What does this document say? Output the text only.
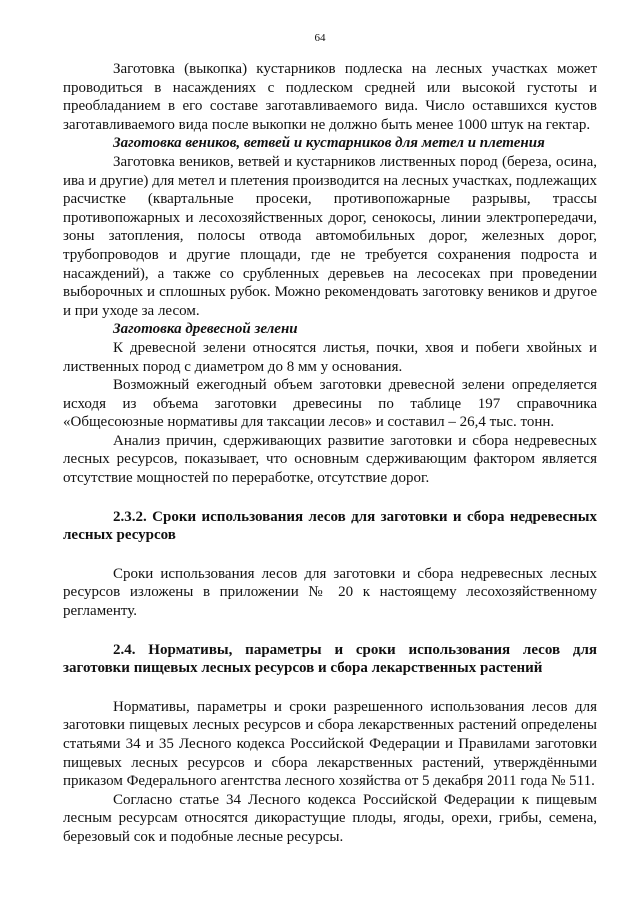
64

Заготовка (выкопка) кустарников подлеска на лесных участках может проводиться в насаждениях с подлеском средней или высокой густоты и преобладанием в его составе заготавливаемого вида. Число оставшихся кустов заготавливаемого вида после выкопки не должно быть менее 1000 штук на гектар.

Заготовка веников, ветвей и кустарников для метел и плетения

Заготовка веников, ветвей и кустарников лиственных пород (береза, осина, ива и другие) для метел и плетения производится на лесных участках, подлежащих расчистке (квартальные просеки, противопожарные разрывы, трассы противопожарных и лесохозяйственных дорог, сенокосы, линии электропередачи, зоны затопления, полосы отвода автомобильных дорог, железных дорог, трубопроводов и другие площади, где не требуется сохранения подроста и насаждений), а также со срубленных деревьев на лесосеках при проведении выборочных и сплошных рубок. Можно рекомендовать заготовку веников и другое и при уходе за лесом.

Заготовка древесной зелени

К древесной зелени относятся листья, почки, хвоя и побеги хвойных и лиственных пород с диаметром до 8 мм у основания.

Возможный ежегодный объем заготовки древесной зелени определяется исходя из объема заготовки древесины по таблице 197 справочника «Общесоюзные нормативы для таксации лесов» и составил – 26,4 тыс. тонн.

Анализ причин, сдерживающих развитие заготовки и сбора недревесных лесных ресурсов, показывает, что основным сдерживающим фактором является отсутствие мощностей по переработке, отсутствие дорог.

2.3.2. Сроки использования лесов для заготовки и сбора недревесных лесных ресурсов

Сроки использования лесов для заготовки и сбора недревесных лесных ресурсов изложены в приложении № 20 к настоящему лесохозяйственному регламенту.

2.4. Нормативы, параметры и сроки использования лесов для заготовки пищевых лесных ресурсов и сбора лекарственных растений

Нормативы, параметры и сроки разрешенного использования лесов для заготовки пищевых лесных ресурсов и сбора лекарственных растений определены статьями 34 и 35 Лесного кодекса Российской Федерации и Правилами заготовки пищевых лесных ресурсов и сбора лекарственных растений, утверждёнными приказом Федерального агентства лесного хозяйства от 5 декабря 2011 года № 511.

Согласно статье 34 Лесного кодекса Российской Федерации к пищевым лесным ресурсам относятся дикорастущие плоды, ягоды, орехи, грибы, семена, березовый сок и подобные лесные ресурсы.
